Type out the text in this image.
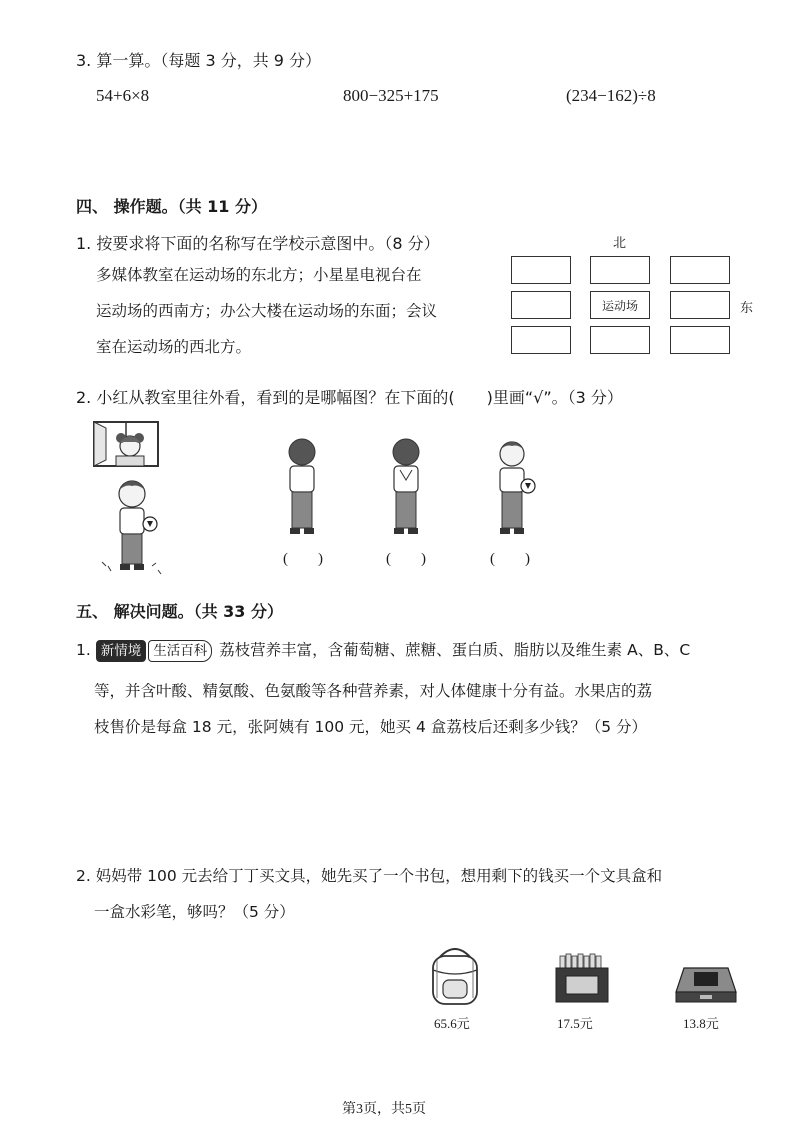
3. 算一算。（每题 3 分，共 9 分）
54+6×8	800−325+175	(234−162)÷8
四、 操作题。（共 11 分）
1. 按要求将下面的名称写在学校示意图中。（8 分）
多媒体教室在运动场的东北方；小星星电视台在
运动场的西南方；办公大楼在运动场的东面；会议
室在运动场的西北方。
北
运动场	东
2. 小红从教室里往外看，看到的是哪幅图？在下面的(　　)里画“√”。（3 分）
(　　)	(　　)	(　　)
五、 解决问题。（共 33 分）
1. 新情境 生活百科 荔枝营养丰富，含葡萄糖、蔗糖、蛋白质、脂肪以及维生素 A、B、C
等，并含叶酸、精氨酸、色氨酸等各种营养素，对人体健康十分有益。水果店的荔
枝售价是每盒 18 元，张阿姨有 100 元，她买 4 盒荔枝后还剩多少钱？（5 分）
2. 妈妈带 100 元去给丁丁买文具，她先买了一个书包，想用剩下的钱买一个文具盒和
一盒水彩笔，够吗？（5 分）
65.6元	17.5元	13.8元
第3页，共5页
